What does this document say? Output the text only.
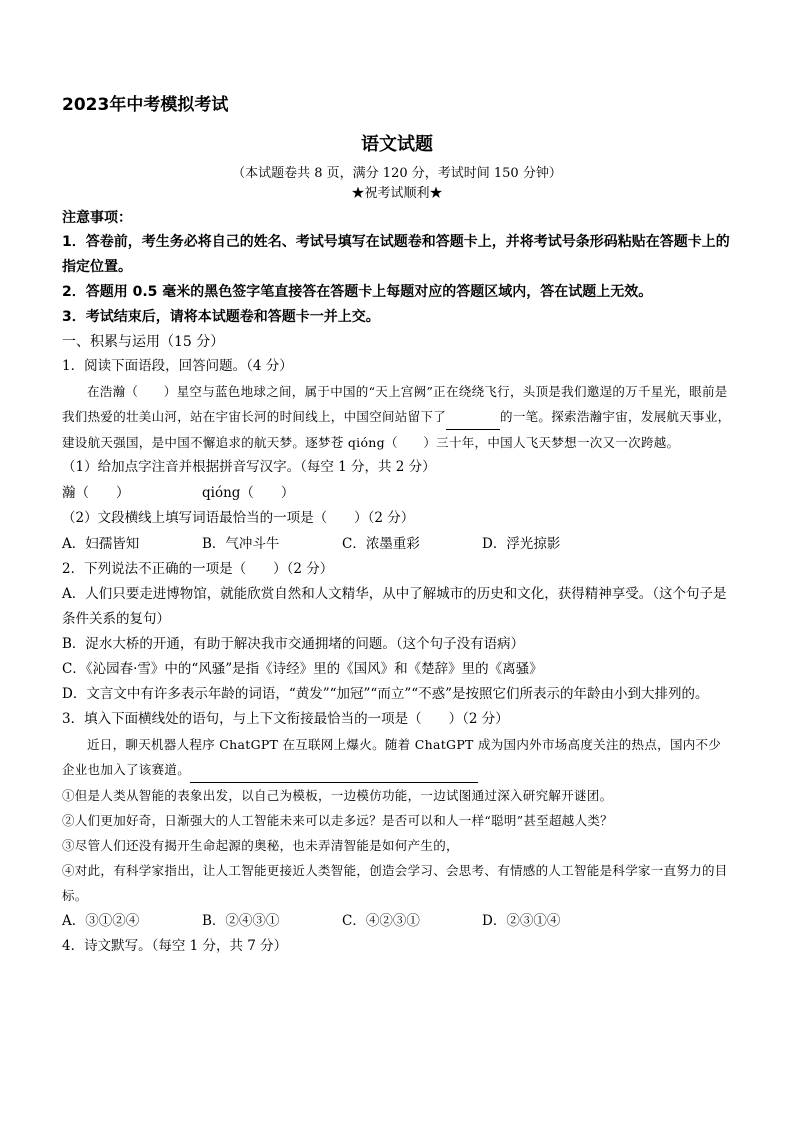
2023年中考模拟考试
语文试题
（本试题卷共 8 页，满分 120 分，考试时间 150 分钟）
★祝考试顺利★
注意事项：
1．答卷前，考生务必将自己的姓名、考试号填写在试题卷和答题卡上，并将考试号条形码粘贴在答题卡上的指定位置。
2．答题用 0.5 毫米的黑色签字笔直接答在答题卡上每题对应的答题区域内，答在试题上无效。
3．考试结束后，请将本试题卷和答题卡一并上交。
一、积累与运用（15 分）
1．阅读下面语段，回答问题。（4 分）
在浩瀚（　　）星空与蓝色地球之间，属于中国的“天上宫阙”正在绕绕飞行，头顶是我们邀逞的万千星光，眼前是我们热爱的壮美山河，站在宇宙长河的时间线上，中国空间站留下了	的一笔。探索浩瀚宇宙，发展航天事业，建设航天强国，是中国不懈追求的航天梦。逐梦苍 qióng（　　）三十年，中国人飞天梦想一次又一次跨越。
（1）给加点字注音并根据拼音写汉字。（每空 1 分，共 2 分）
瀚（　　）	qióng（　　）
（2）文段横线上填写词语最恰当的一项是（　　）（2 分）
A．妇孺皆知	B．气冲斗牛	C．浓墨重彩	D．浮光掠影
2．下列说法不正确的一项是（　　）（2 分）
A．人们只要走进博物馆，就能欣赏自然和人文精华，从中了解城市的历史和文化，获得精神享受。（这个句子是条件关系的复句）
B．浞水大桥的开通，有助于解决我市交通拥堵的问题。（这个句子没有语病）
C．《沁园春·雪》中的“风骚”是指《诗经》里的《国风》和《楚辞》里的《离骚》
D．文言文中有许多表示年龄的词语，“黄发”“加冠”“而立”“不惑”是按照它们所表示的年龄由小到大排列的。
3．填入下面横线处的语句，与上下文衔接最恰当的一项是（　　）（2 分）
近日，聊天机器人程序 ChatGPT 在互联网上爆火。随着 ChatGPT 成为国内外市场高度关注的热点，国内不少企业也加入了该赛道。
①但是人类从智能的表象出发，以自己为模板，一边模仿功能，一边试图通过深入研究解开谜团。
②人们更加好奇，日渐强大的人工智能未来可以走多远？是否可以和人一样“聪明”甚至超越人类？
③尽管人们还没有揭开生命起源的奥秘，也未弄清智能是如何产生的，
④对此，有科学家指出，让人工智能更接近人类智能，创造会学习、会思考、有情感的人工智能是科学家一直努力的目标。
A．③①②④	B．②④③①	C．④②③①	D．②③①④
4．诗文默写。（每空 1 分，共 7 分）
